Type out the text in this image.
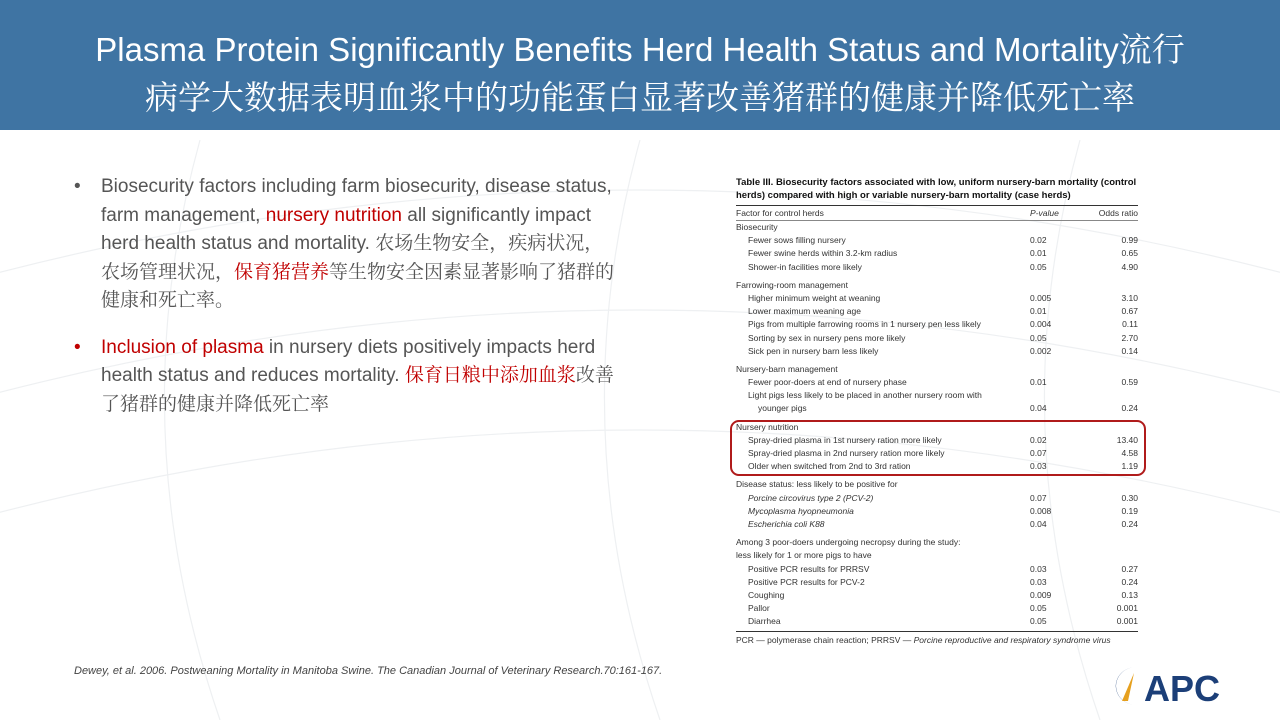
Plasma Protein Significantly Benefits Herd Health Status and Mortality流行
病学大数据表明血浆中的功能蛋白显著改善猪群的健康并降低死亡率
• Biosecurity factors including farm biosecurity, disease status, farm management, nursery nutrition all significantly impact herd health status and mortality. 农场生物安全，疾病状况，农场管理状况，保育猪营养等生物安全因素显著影响了猪群的健康和死亡率。
• Inclusion of plasma in nursery diets positively impacts herd health status and reduces mortality. 保育日粮中添加血浆改善了猪群的健康并降低死亡率
Table III. Biosecurity factors associated with low, uniform nursery-barn mortality (control herds) compared with high or variable nursery-barn mortality (case herds)
Factor for control herds	P-value	Odds ratio
Biosecurity
Fewer sows filling nursery	0.02	0.99
Fewer swine herds within 3.2-km radius	0.01	0.65
Shower-in facilities more likely	0.05	4.90
Farrowing-room management
Higher minimum weight at weaning	0.005	3.10
Lower maximum weaning age	0.01	0.67
Pigs from multiple farrowing rooms in 1 nursery pen less likely	0.004	0.11
Sorting by sex in nursery pens more likely	0.05	2.70
Sick pen in nursery barn less likely	0.002	0.14
Nursery-barn management
Fewer poor-doers at end of nursery phase	0.01	0.59
Light pigs less likely to be placed in another nursery room with
younger pigs	0.04	0.24
Nursery nutrition
Spray-dried plasma in 1st nursery ration more likely	0.02	13.40
Spray-dried plasma in 2nd nursery ration more likely	0.07	4.58
Older when switched from 2nd to 3rd ration	0.03	1.19
Disease status: less likely to be positive for
Porcine circovirus type 2 (PCV-2)	0.07	0.30
Mycoplasma hyopneumonia	0.008	0.19
Escherichia coli K88	0.04	0.24
Among 3 poor-doers undergoing necropsy during the study:
less likely for 1 or more pigs to have
Positive PCR results for PRRSV	0.03	0.27
Positive PCR results for PCV-2	0.03	0.24
Coughing	0.009	0.13
Pallor	0.05	0.001
Diarrhea	0.05	0.001
PCR — polymerase chain reaction; PRRSV — Porcine reproductive and respiratory syndrome virus
Dewey, et al. 2006. Postweaning Mortality in Manitoba Swine. The Canadian Journal of Veterinary Research.70:161-167.	APC
